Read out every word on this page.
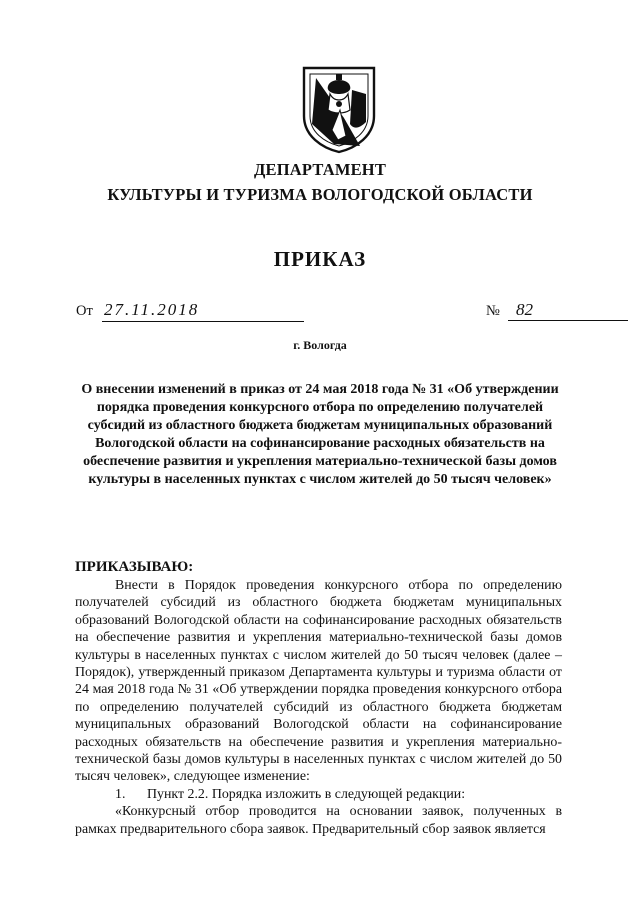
ДЕПАРТАМЕНТ
КУЛЬТУРЫ И ТУРИЗМА ВОЛОГОДСКОЙ ОБЛАСТИ
ПРИКАЗ
От 27.11.2018	№ 82
г. Вологда
О внесении изменений в приказ от 24 мая 2018 года № 31 «Об утверждении порядка проведения конкурсного отбора по определению получателей субсидий из областного бюджета бюджетам муниципальных образований Вологодской области на софинансирование расходных обязательств на обеспечение развития и укрепления материально-технической базы домов культуры в населенных пунктах с числом жителей до 50 тысяч человек»
ПРИКАЗЫВАЮ:

Внести в Порядок проведения конкурсного отбора по определению получателей субсидий из областного бюджета бюджетам муниципальных образований Вологодской области на софинансирование расходных обязательств на обеспечение развития и укрепления материально-технической базы домов культуры в населенных пунктах с числом жителей до 50 тысяч человек (далее – Порядок), утвержденный приказом Департамента культуры и туризма области от 24 мая 2018 года № 31 «Об утверждении порядка проведения конкурсного отбора по определению получателей субсидий из областного бюджета бюджетам муниципальных образований Вологодской области на софинансирование расходных обязательств на обеспечение развития и укрепления материально-технической базы домов культуры в населенных пунктах с числом жителей до 50 тысяч человек», следующее изменение:

1. Пункт 2.2. Порядка изложить в следующей редакции:

«Конкурсный отбор проводится на основании заявок, полученных в рамках предварительного сбора заявок. Предварительный сбор заявок является
